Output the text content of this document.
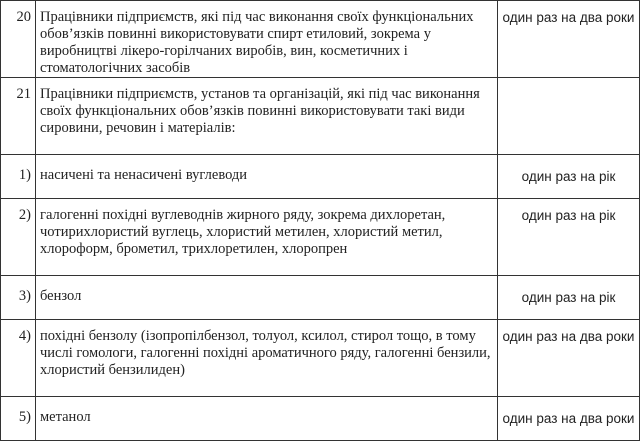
20	Працівники підприємств, які під час виконання своїх функціональних обов’язків повинні використовувати спирт етиловий, зокрема у виробництві лікеро-горілчаних виробів, вин, косметичних і стоматологічних засобів	один раз на два роки
21	Працівники підприємств, установ та організацій, які під час виконання своїх функціональних обов’язків повинні використовувати такі види сировини, речовин і матеріалів:	
1)	насичені та ненасичені вуглеводи	один раз на рік
2)	галогенні похідні вуглеводнів жирного ряду, зокрема дихлоретан, чотирихлористий вуглець, хлористий метилен, хлористий метил, хлороформ, брометил, трихлоретилен, хлоропрен	один раз на рік
3)	бензол	один раз на рік
4)	похідні бензолу (ізопропілбензол, толуол, ксилол, стирол тощо, в тому числі гомологи, галогенні похідні ароматичного ряду, галогенні бензили, хлористий бензилиден)	один раз на два роки
5)	метанол	один раз на два роки
